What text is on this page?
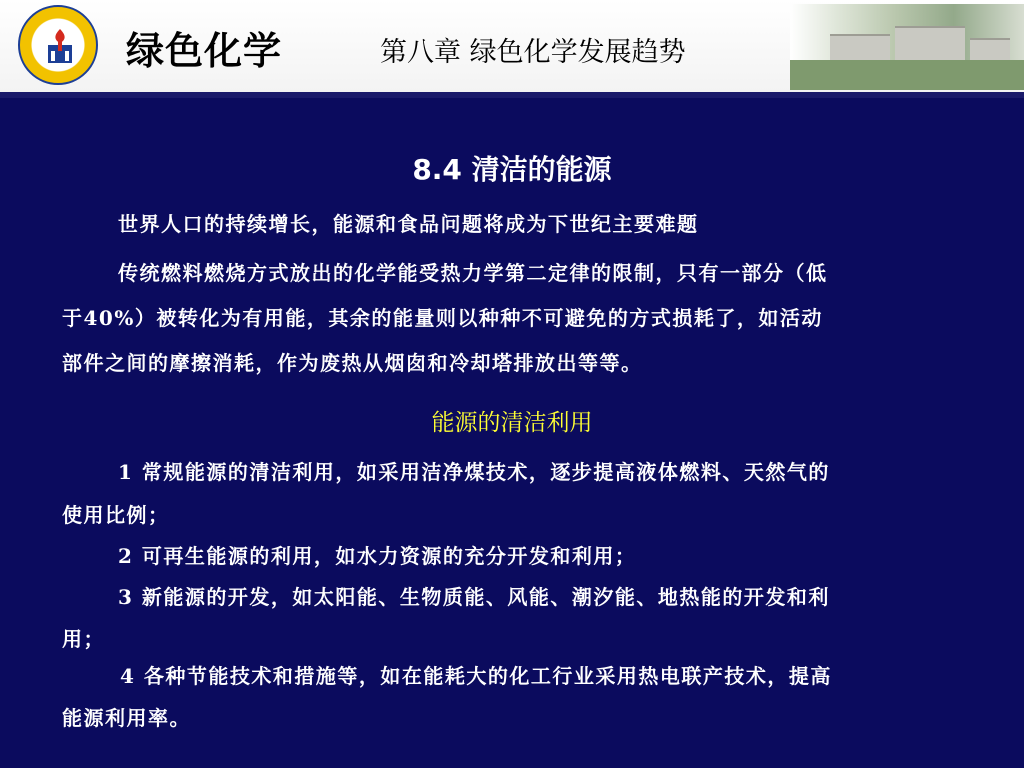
绿色化学	第八章 绿色化学发展趋势
8.4 清洁的能源
世界人口的持续增长，能源和食品问题将成为下世纪主要难题
传统燃料燃烧方式放出的化学能受热力学第二定律的限制，只有一部分（低
于40%）被转化为有用能，其余的能量则以种种不可避免的方式损耗了，如活动
部件之间的摩擦消耗，作为废热从烟囱和冷却塔排放出等等。
能源的清洁利用
1 常规能源的清洁利用，如采用洁净煤技术，逐步提高液体燃料、天然气的
使用比例；
2 可再生能源的利用，如水力资源的充分开发和利用；
3 新能源的开发，如太阳能、生物质能、风能、潮汐能、地热能的开发和利
用；
4 各种节能技术和措施等，如在能耗大的化工行业采用热电联产技术，提高
能源利用率。
